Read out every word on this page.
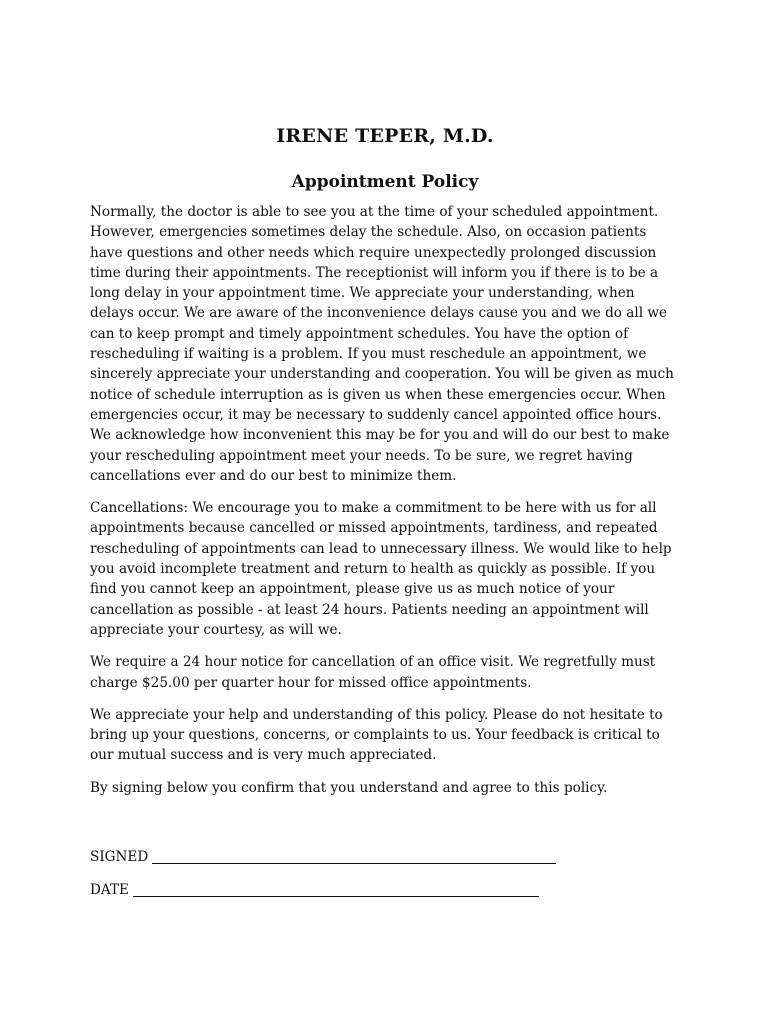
IRENE TEPER, M.D.
Appointment Policy

Normally, the doctor is able to see you at the time of your scheduled appointment. However, emergencies sometimes delay the schedule. Also, on occasion patients have questions and other needs which require unexpectedly prolonged discussion time during their appointments. The receptionist will inform you if there is to be a long delay in your appointment time. We appreciate your understanding, when delays occur. We are aware of the inconvenience delays cause you and we do all we can to keep prompt and timely appointment schedules. You have the option of rescheduling if waiting is a problem. If you must reschedule an appointment, we sincerely appreciate your understanding and cooperation. You will be given as much notice of schedule interruption as is given us when these emergencies occur. When emergencies occur, it may be necessary to suddenly cancel appointed office hours. We acknowledge how inconvenient this may be for you and will do our best to make your rescheduling appointment meet your needs. To be sure, we regret having cancellations ever and do our best to minimize them.

Cancellations: We encourage you to make a commitment to be here with us for all appointments because cancelled or missed appointments, tardiness, and repeated rescheduling of appointments can lead to unnecessary illness. We would like to help you avoid incomplete treatment and return to health as quickly as possible. If you find you cannot keep an appointment, please give us as much notice of your cancellation as possible - at least 24 hours. Patients needing an appointment will appreciate your courtesy, as will we.

We require a 24 hour notice for cancellation of an office visit. We regretfully must charge $25.00 per quarter hour for missed office appointments.

We appreciate your help and understanding of this policy. Please do not hesitate to bring up your questions, concerns, or complaints to us. Your feedback is critical to our mutual success and is very much appreciated.

By signing below you confirm that you understand and agree to this policy.

SIGNED
DATE
